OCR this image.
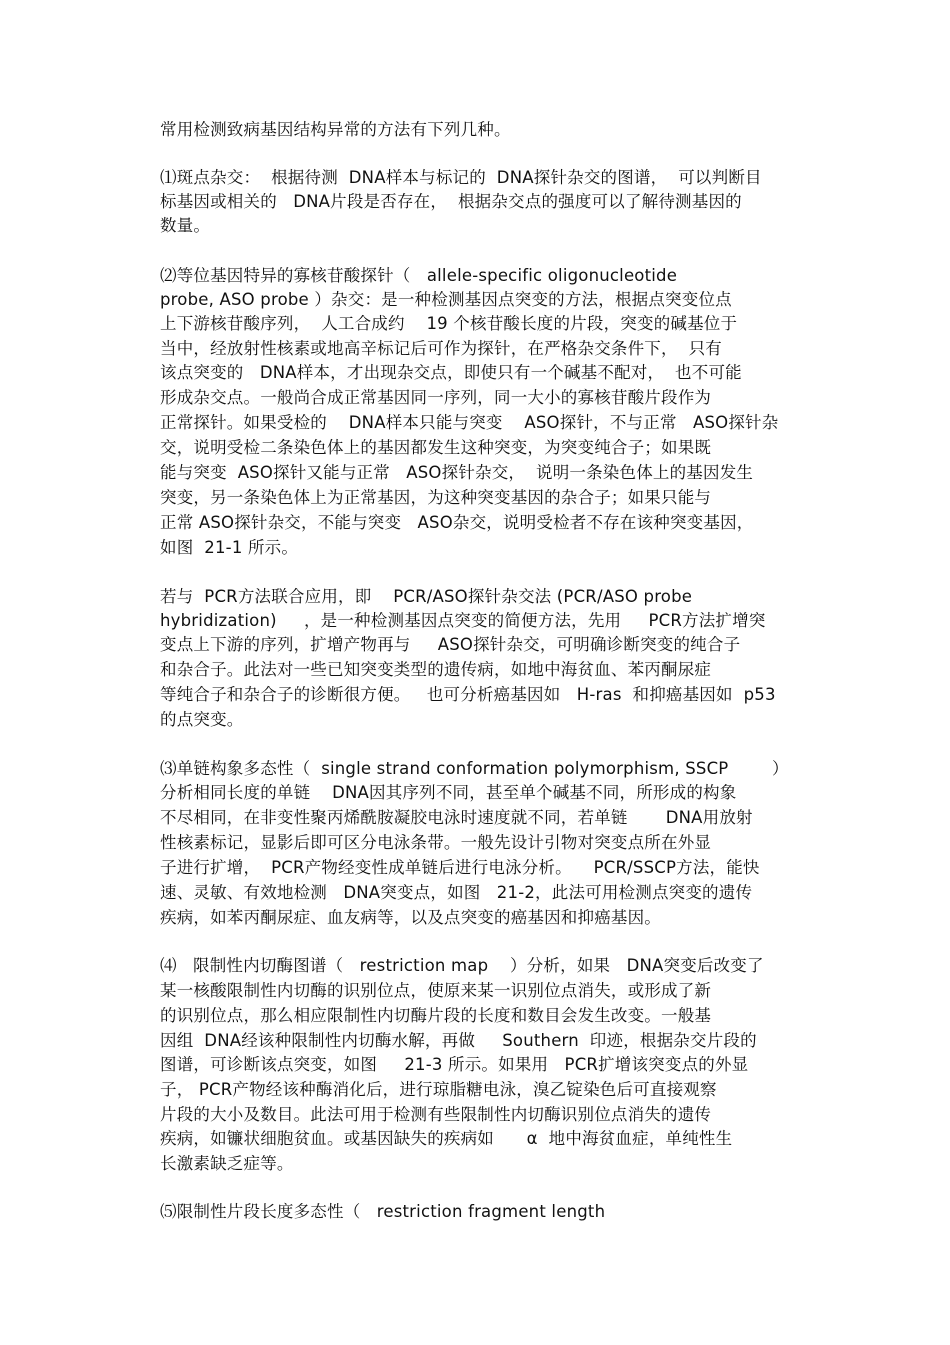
常用检测致病基因结构异常的方法有下列几种。
⑴斑点杂交：  根据待测  DNA样本与标记的  DNA探针杂交的图谱，  可以判断目
标基因或相关的   DNA片段是否存在，  根据杂交点的强度可以了解待测基因的
数量。
⑵等位基因特异的寡核苷酸探针（   allele-specific oligonucleotide
probe, ASO probe ）杂交：是一种检测基因点突变的方法，根据点突变位点
上下游核苷酸序列，  人工合成约    19 个核苷酸长度的片段，突变的碱基位于
当中，经放射性核素或地高辛标记后可作为探针，在严格杂交条件下，  只有
该点突变的   DNA样本，才出现杂交点，即使只有一个碱基不配对，  也不可能
形成杂交点。一般尚合成正常基因同一序列，同一大小的寡核苷酸片段作为
正常探针。如果受检的    DNA样本只能与突变    ASO探针，不与正常   ASO探针杂
交，说明受检二条染色体上的基因都发生这种突变，为突变纯合子；如果既
能与突变  ASO探针又能与正常   ASO探针杂交，  说明一条染色体上的基因发生
突变，另一条染色体上为正常基因，为这种突变基因的杂合子；如果只能与
正常 ASO探针杂交，不能与突变   ASO杂交，说明受检者不存在该种突变基因，
如图  21-1 所示。
若与  PCR方法联合应用，即    PCR/ASO探针杂交法 (PCR/ASO probe
hybridization)     ，是一种检测基因点突变的简便方法，先用     PCR方法扩增突
变点上下游的序列，扩增产物再与     ASO探针杂交，可明确诊断突变的纯合子
和杂合子。此法对一些已知突变类型的遗传病，如地中海贫血、苯丙酮尿症
等纯合子和杂合子的诊断很方便。   也可分析癌基因如   H-ras  和抑癌基因如  p53
的点突变。
⑶单链构象多态性（  single strand conformation polymorphism, SSCP        ）
分析相同长度的单链    DNA因其序列不同，甚至单个碱基不同，所形成的构象
不尽相同，在非变性聚丙烯酰胺凝胶电泳时速度就不同，若单链       DNA用放射
性核素标记，显影后即可区分电泳条带。一般先设计引物对突变点所在外显
子进行扩增，  PCR产物经变性成单链后进行电泳分析。    PCR/SSCP方法，能快
速、灵敏、有效地检测   DNA突变点，如图   21-2，此法可用检测点突变的遗传
疾病，如苯丙酮尿症、血友病等，以及点突变的癌基因和抑癌基因。
⑷   限制性内切酶图谱（   restriction map    ）分析，如果   DNA突变后改变了
某一核酸限制性内切酶的识别位点，使原来某一识别位点消失，或形成了新
的识别位点，那么相应限制性内切酶片段的长度和数目会发生改变。一般基
因组  DNA经该种限制性内切酶水解，再做     Southern  印迹，根据杂交片段的
图谱，可诊断该点突变，如图     21-3 所示。如果用   PCR扩增该突变点的外显
子， PCR产物经该种酶消化后，进行琼脂糖电泳，溴乙锭染色后可直接观察
片段的大小及数目。此法可用于检测有些限制性内切酶识别位点消失的遗传
疾病，如镰状细胞贫血。或基因缺失的疾病如      α  地中海贫血症，单纯性生
长激素缺乏症等。
⑸限制性片段长度多态性（   restriction fragment length
